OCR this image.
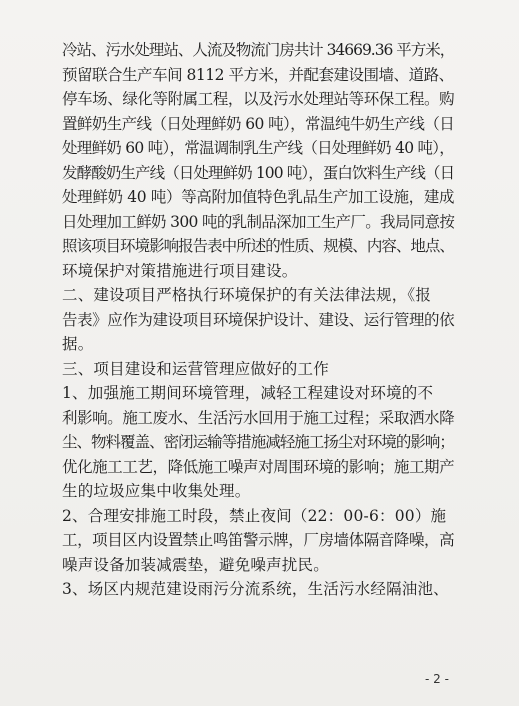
冷站、污水处理站、人流及物流门房共计 34669.36 平方米，
预留联合生产车间 8112 平方米，并配套建设围墙、道路、
停车场、绿化等附属工程，以及污水处理站等环保工程。购
置鲜奶生产线（日处理鲜奶 60 吨），常温纯牛奶生产线（日
处理鲜奶 60 吨），常温调制乳生产线（日处理鲜奶 40 吨），
发酵酸奶生产线（日处理鲜奶 100 吨），蛋白饮料生产线（日
处理鲜奶 40 吨）等高附加值特色乳品生产加工设施，建成
日处理加工鲜奶 300 吨的乳制品深加工生产厂。我局同意按
照该项目环境影响报告表中所述的性质、规模、内容、地点、
环境保护对策措施进行项目建设。

二、建设项目严格执行环境保护的有关法律法规，《报
告表》应作为建设项目环境保护设计、建设、运行管理的依
据。

三、项目建设和运营管理应做好的工作

1、加强施工期间环境管理，减轻工程建设对环境的不
利影响。施工废水、生活污水回用于施工过程；采取洒水降
尘、物料覆盖、密闭运输等措施减轻施工扬尘对环境的影响；
优化施工工艺，降低施工噪声对周围环境的影响；施工期产
生的垃圾应集中收集处理。

2、合理安排施工时段，禁止夜间（22：00-6：00）施
工，项目区内设置禁止鸣笛警示牌，厂房墙体隔音降噪，高
噪声设备加装减震垫，避免噪声扰民。

3、场区内规范建设雨污分流系统，生活污水经隔油池、

- 2 -
